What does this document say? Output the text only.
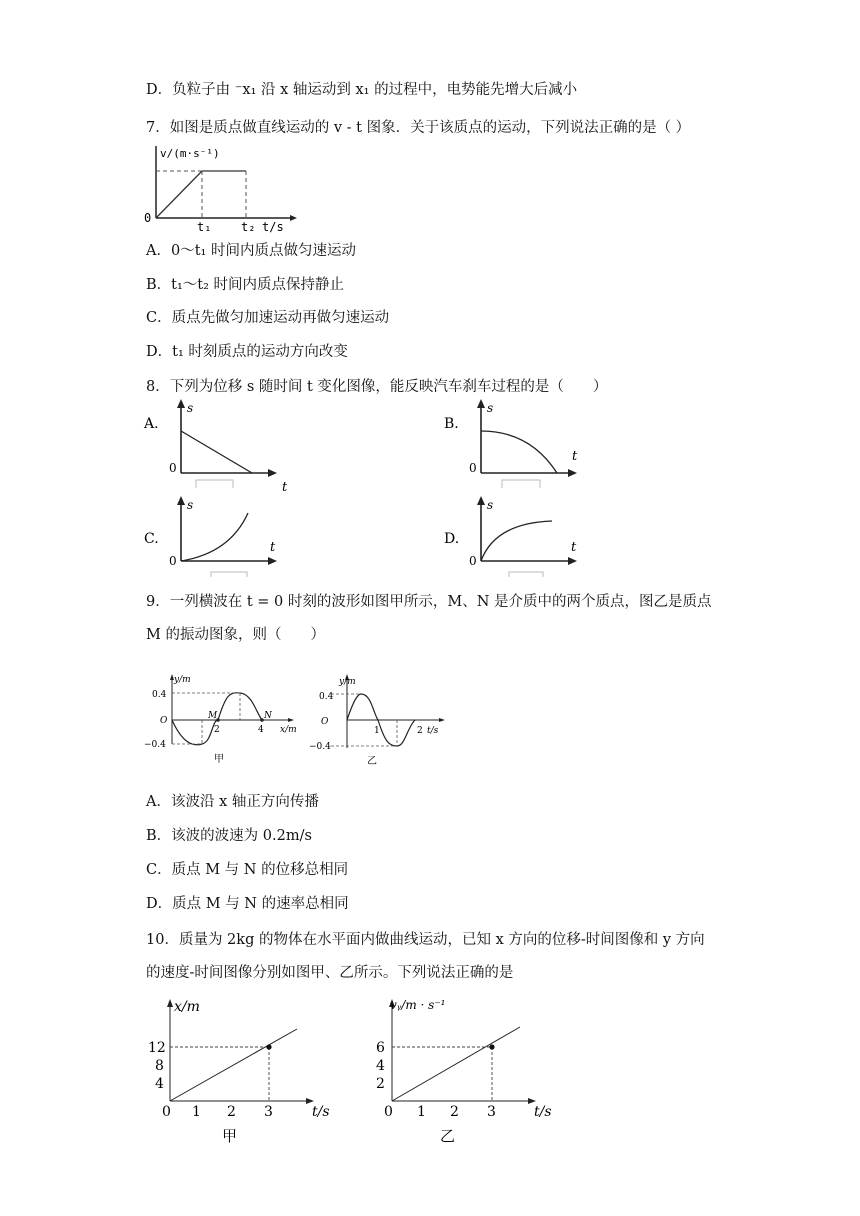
D．负粒子由 ⁻x₁ 沿 x 轴运动到 x₁ 的过程中，电势能先增大后减小
7．如图是质点做直线运动的 v - t 图象．关于该质点的运动，下列说法正确的是（ ）
v/(m·s⁻¹)
0
t₁ t₂ t/s
A．0～t₁ 时间内质点做匀速运动
B．t₁～t₂ 时间内质点保持静止
C．质点先做匀加速运动再做匀速运动
D．t₁ 时刻质点的运动方向改变
8．下列为位移 s 随时间 t 变化图像，能反映汽车刹车过程的是（　　）
A.
s
0
t
B.
s
0
t
C.
s
0
t
D.
s
0
t
9．一列横波在 t = 0 时刻的波形如图甲所示，M、N 是介质中的两个质点，图乙是质点
M 的振动图象，则（　　）
y/m
0.4
−0.4
O	M	N
2	4 x/m
甲
y/m
0.4
−0.4
O
1	2 t/s
乙
A．该波沿 x 轴正方向传播
B．该波的波速为 0.2m/s
C．质点 M 与 N 的位移总相同
D．质点 M 与 N 的速率总相同
10．质量为 2kg 的物体在水平面内做曲线运动，已知 x 方向的位移-时间图像和 y 方向
的速度-时间图像分别如图甲、乙所示。下列说法正确的是
x/m
12
8
4
0 1 2 3	t/s
甲
vᵧ/m · s⁻¹
6
4
2
0 1 2 3	t/s
乙
